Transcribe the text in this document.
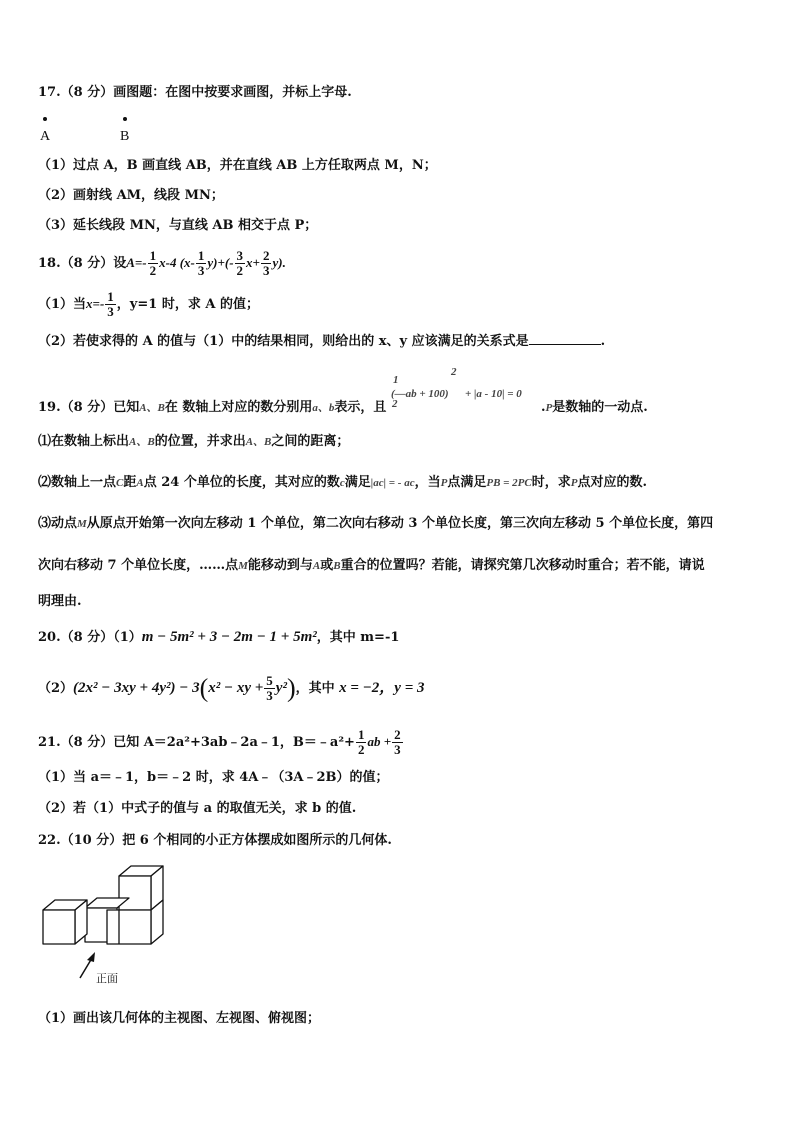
17.（8 分）画图题：在图中按要求画图，并标上字母.
A	B
（1）过点 A，B 画直线 AB，并在直线 AB 上方任取两点 M，N；
（2）画射线 AM，线段 MN；
（3）延长线段 MN，与直线 AB 相交于点 P；
18.（8 分）设$A=- \frac{1}{2} x-4$ $(x- \frac{1}{3} y)+(- \frac{3}{2} x+ \frac{2}{3} y)$.
（1）当$x=- \frac{1}{3}$ ，y=1 时，求 A 的值；
（2）若使求得的 A 的值与（1）中的结果相同，则给出的 x、y 应该满足的关系式是	.
19.（8 分）已知A、B在 数轴上对应的数分别用a、b表示，且
1
2
(—ab + 100)
2
+ |a - 10| = 0
.P是数轴的一动点.
⑴在数轴上标出A、B的位置，并求出A、B之间的距离；
⑵数轴上一点C距A点 24 个单位的长度，其对应的数c满足|ac| = - ac，当P点满足PB = 2PC时，求P点对应的数.
⑶动点M从原点开始第一次向左移动 1 个单位，第二次向右移动 3 个单位长度，第三次向左移动 5 个单位长度，第四
次向右移动 7 个单位长度，……点M能移动到与A或B重合的位置吗？若能，请探究第几次移动时重合；若不能，请说
明理由.
20.（8 分）（1）m − 5m² + 3 − 2m − 1 + 5m²，其中 m=-1
（2）(2x² − 3xy + 4y²) − 3(x² − xy + $\frac{5}{3} y^2$)，其中 x = −2，y = 3
21.（8 分）已知 A＝2a²+3ab﹣2a﹣1，B＝﹣a²+ $\frac{1}{2}$ ab + $\frac{2}{3}$
（1）当 a＝﹣1，b＝﹣2 时，求 4A﹣（3A﹣2B）的值；
（2）若（1）中式子的值与 a 的取值无关，求 b 的值.
22.（10 分）把 6 个相同的小正方体摆成如图所示的几何体.
正面
（1）画出该几何体的主视图、左视图、俯视图；
